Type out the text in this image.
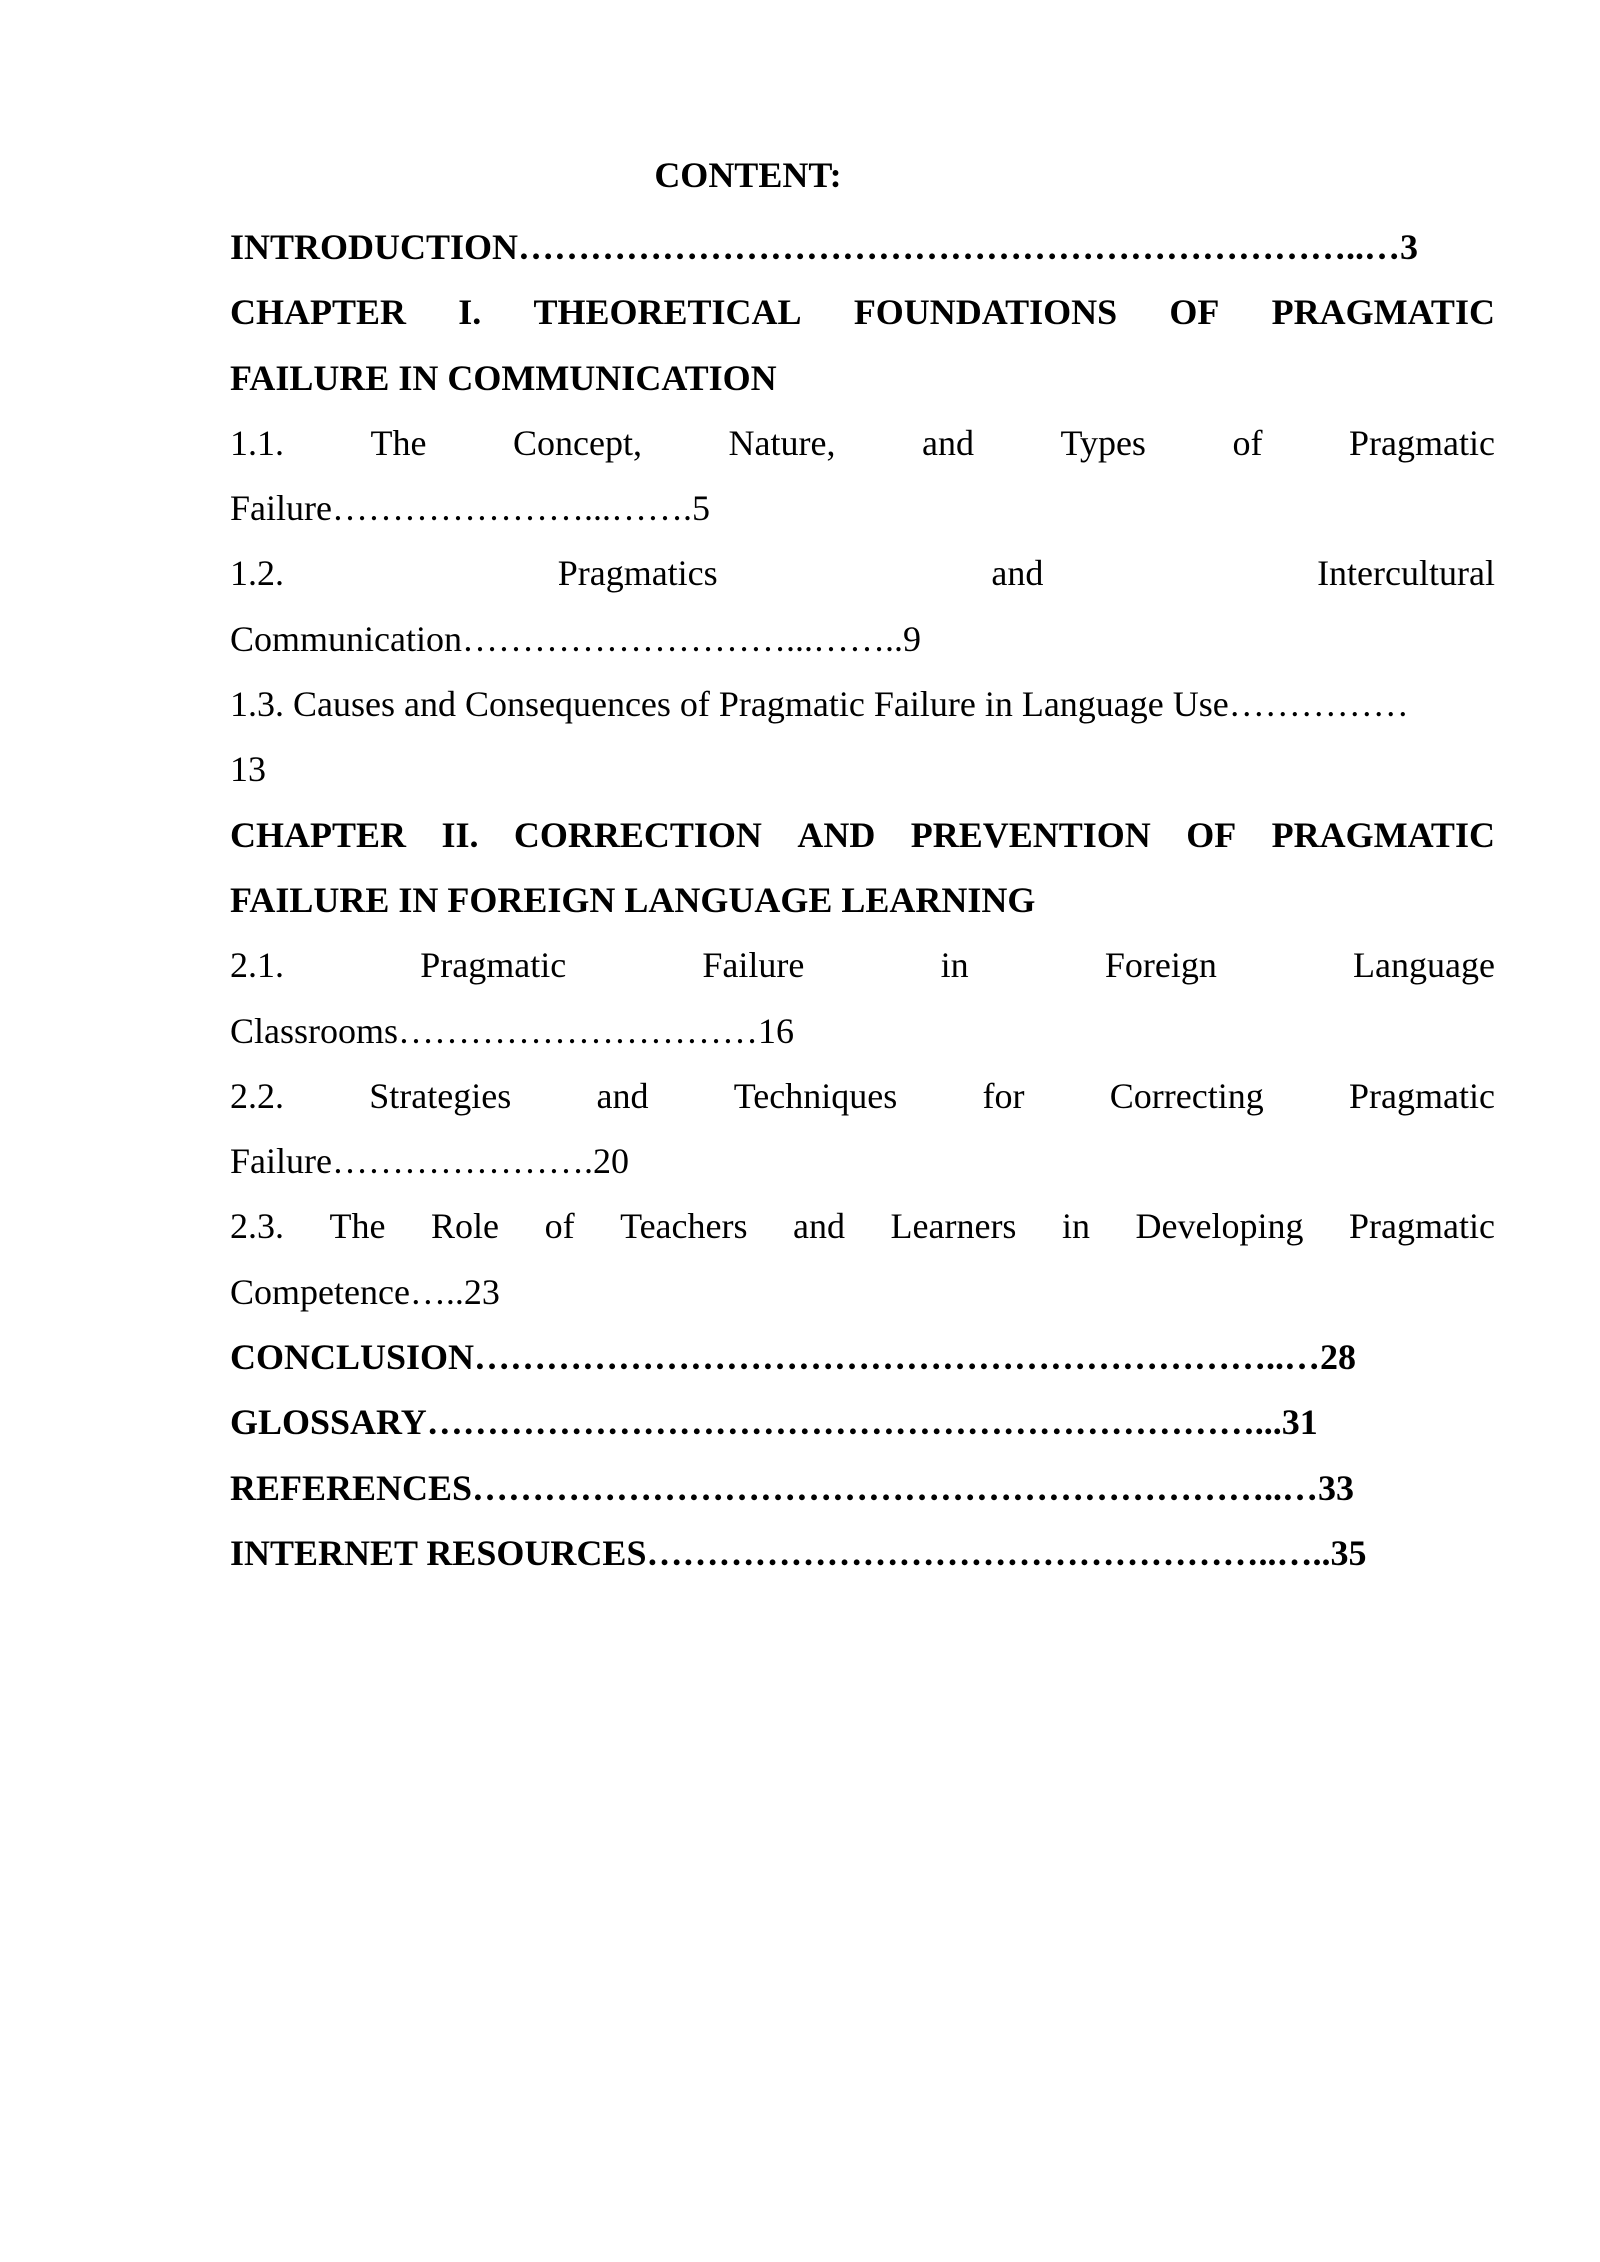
CONTENT:
INTRODUCTION……………………………………………………………..…3
CHAPTER I. THEORETICAL FOUNDATIONS OF PRAGMATIC
FAILURE IN COMMUNICATION
1.1. The Concept, Nature, and Types of Pragmatic
Failure…………………...…….5
1.2.	Pragmatics	and	Intercultural
Communication………………………...……..9
1.3. Causes and Consequences of Pragmatic Failure in Language Use……………
13
CHAPTER II. CORRECTION AND PREVENTION OF PRAGMATIC
FAILURE IN FOREIGN LANGUAGE LEARNING
2.1.	Pragmatic	Failure	in	Foreign	Language
Classrooms…………………………16
2.2. Strategies and Techniques for Correcting Pragmatic
Failure………………….20
2.3. The Role of Teachers and Learners in Developing Pragmatic
Competence…..23
CONCLUSION…………………………………………………………..…28
GLOSSARY……………………………………………………………...31
REFERENCES…………………………………………………………..…33
INTERNET RESOURCES……………………………………………..…..35
